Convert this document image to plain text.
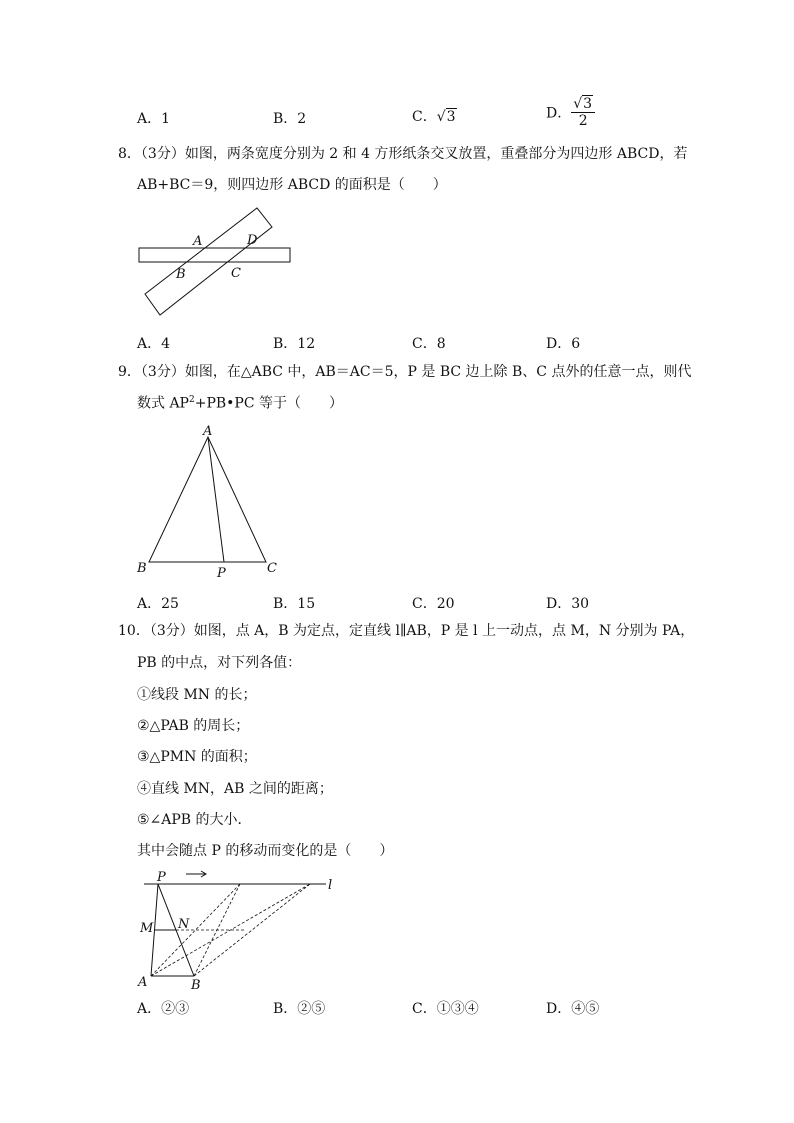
A．1	B．2	C．√3	D． $\frac{√3}{2}$
8．（3分）如图，两条宽度分别为 2 和 4 方形纸条交叉放置，重叠部分为四边形 ABCD，若
AB+BC＝9，则四边形 ABCD 的面积是（　　）
A	D
B	C
A．4	B．12	C．8	D．6
9．（3分）如图，在△ABC 中，AB＝AC＝5，P 是 BC 边上除 B、C 点外的任意一点，则代
数式 $AP^2+PB•PC$ 等于（　　）
A
B	C
P
A．25	B．15	C．20	D．30
10．（3分）如图，点 A，B 为定点，定直线 l∥AB，P 是 l 上一动点，点 M，N 分别为 PA，
PB 的中点，对下列各值：
①线段 MN 的长；
②△PAB 的周长；
③△PMN 的面积；
④直线 MN，AB 之间的距离；
⑤∠APB 的大小．
其中会随点 P 的移动而变化的是（　　）
P
l
M N
A	B
A．②③	B．②⑤	C．①③④	D．④⑤
